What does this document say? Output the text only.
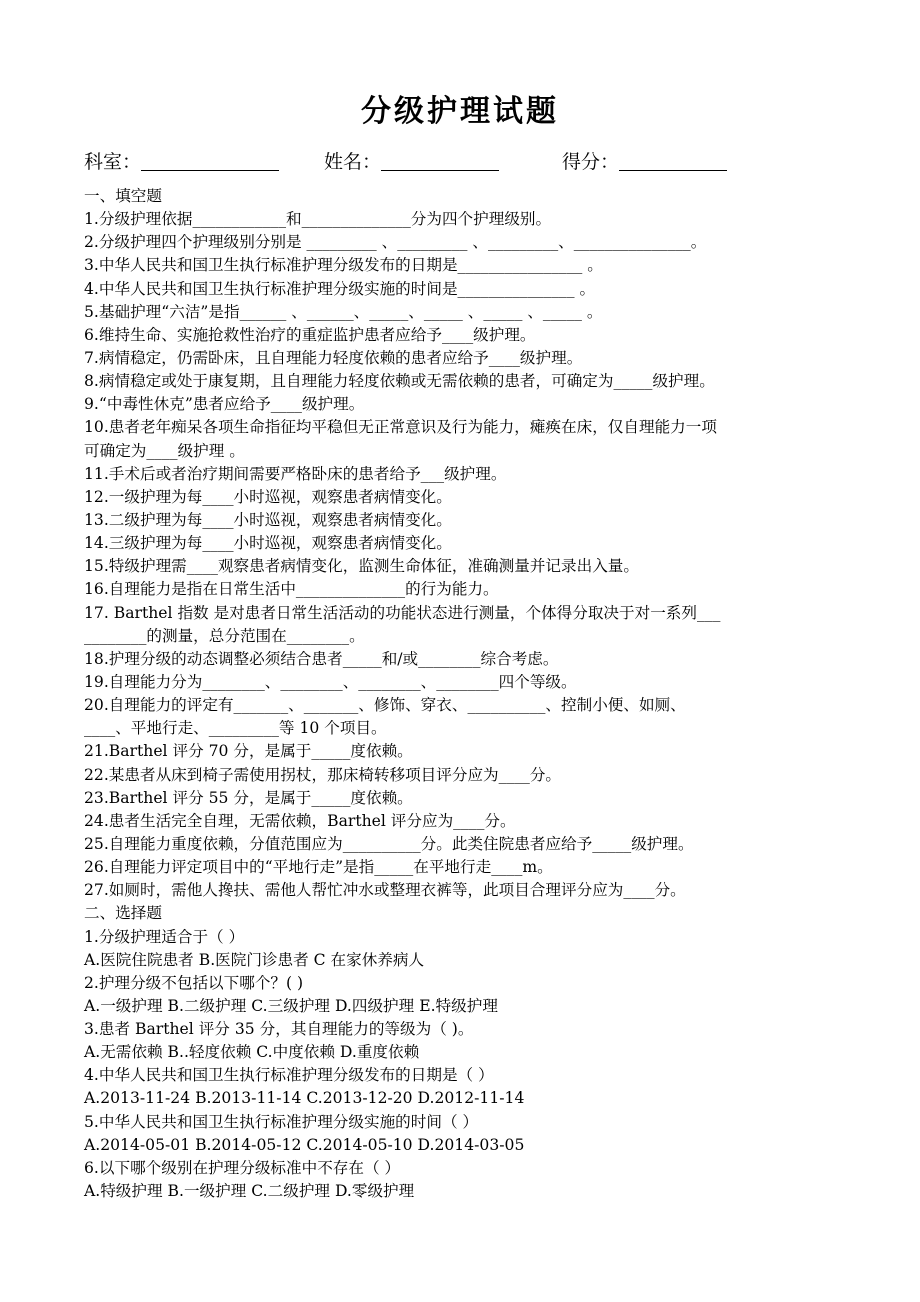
分级护理试题
科室：	姓名：	得分：
一、填空题
1.分级护理依据____________和______________分为四个护理级别。
2.分级护理四个护理级别分别是 _________ 、_________ 、_________、_______________。
3.中华人民共和国卫生执行标准护理分级发布的日期是________________ 。
4.中华人民共和国卫生执行标准护理分级实施的时间是_______________ 。
5.基础护理“六洁”是指______ 、______、_____、_____ 、_____ 、_____ 。
6.维持生命、实施抢救性治疗的重症监护患者应给予____级护理。
7.病情稳定，仍需卧床，且自理能力轻度依赖的患者应给予____级护理。
8.病情稳定或处于康复期，且自理能力轻度依赖或无需依赖的患者，可确定为_____级护理。
9.“中毒性休克”患者应给予____级护理。
10.患者老年痴呆各项生命指征均平稳但无正常意识及行为能力，瘫痪在床，仅自理能力一项
可确定为____级护理 。
11.手术后或者治疗期间需要严格卧床的患者给予___级护理。
12.一级护理为每____小时巡视，观察患者病情变化。
13.二级护理为每____小时巡视，观察患者病情变化。
14.三级护理为每____小时巡视，观察患者病情变化。
15.特级护理需____观察患者病情变化，监测生命体征，准确测量并记录出入量。
16.自理能力是指在日常生活中______________的行为能力。
17. Barthel 指数 是对患者日常生活活动的功能状态进行测量，个体得分取决于对一系列___
________的测量，总分范围在________。
18.护理分级的动态调整必须结合患者_____和/或________综合考虑。
19.自理能力分为________、________、________、________四个等级。
20.自理能力的评定有_______、_______、修饰、穿衣、__________、控制小便、如厕、
____、平地行走、_________等 10 个项目。
21.Barthel 评分 70 分，是属于_____度依赖。
22.某患者从床到椅子需使用拐杖，那床椅转移项目评分应为____分。
23.Barthel 评分 55 分，是属于_____度依赖。
24.患者生活完全自理，无需依赖，Barthel 评分应为____分。
25.自理能力重度依赖，分值范围应为__________分。此类住院患者应给予_____级护理。
26.自理能力评定项目中的“平地行走”是指_____在平地行走____m。
27.如厕时，需他人搀扶、需他人帮忙冲水或整理衣裤等，此项目合理评分应为____分。
二、选择题
1.分级护理适合于（ ）
A.医院住院患者 B.医院门诊患者 C 在家休养病人
2.护理分级不包括以下哪个？( )
A.一级护理 B.二级护理 C.三级护理 D.四级护理 E.特级护理
3.患者 Barthel 评分 35 分，其自理能力的等级为（ )。
A.无需依赖 B..轻度依赖 C.中度依赖 D.重度依赖
4.中华人民共和国卫生执行标准护理分级发布的日期是（ ）
A.2013-11-24 B.2013-11-14 C.2013-12-20 D.2012-11-14
5.中华人民共和国卫生执行标准护理分级实施的时间（ ）
A.2014-05-01 B.2014-05-12 C.2014-05-10 D.2014-03-05
6.以下哪个级别在护理分级标准中不存在（ ）
A.特级护理 B.一级护理 C.二级护理 D.零级护理
